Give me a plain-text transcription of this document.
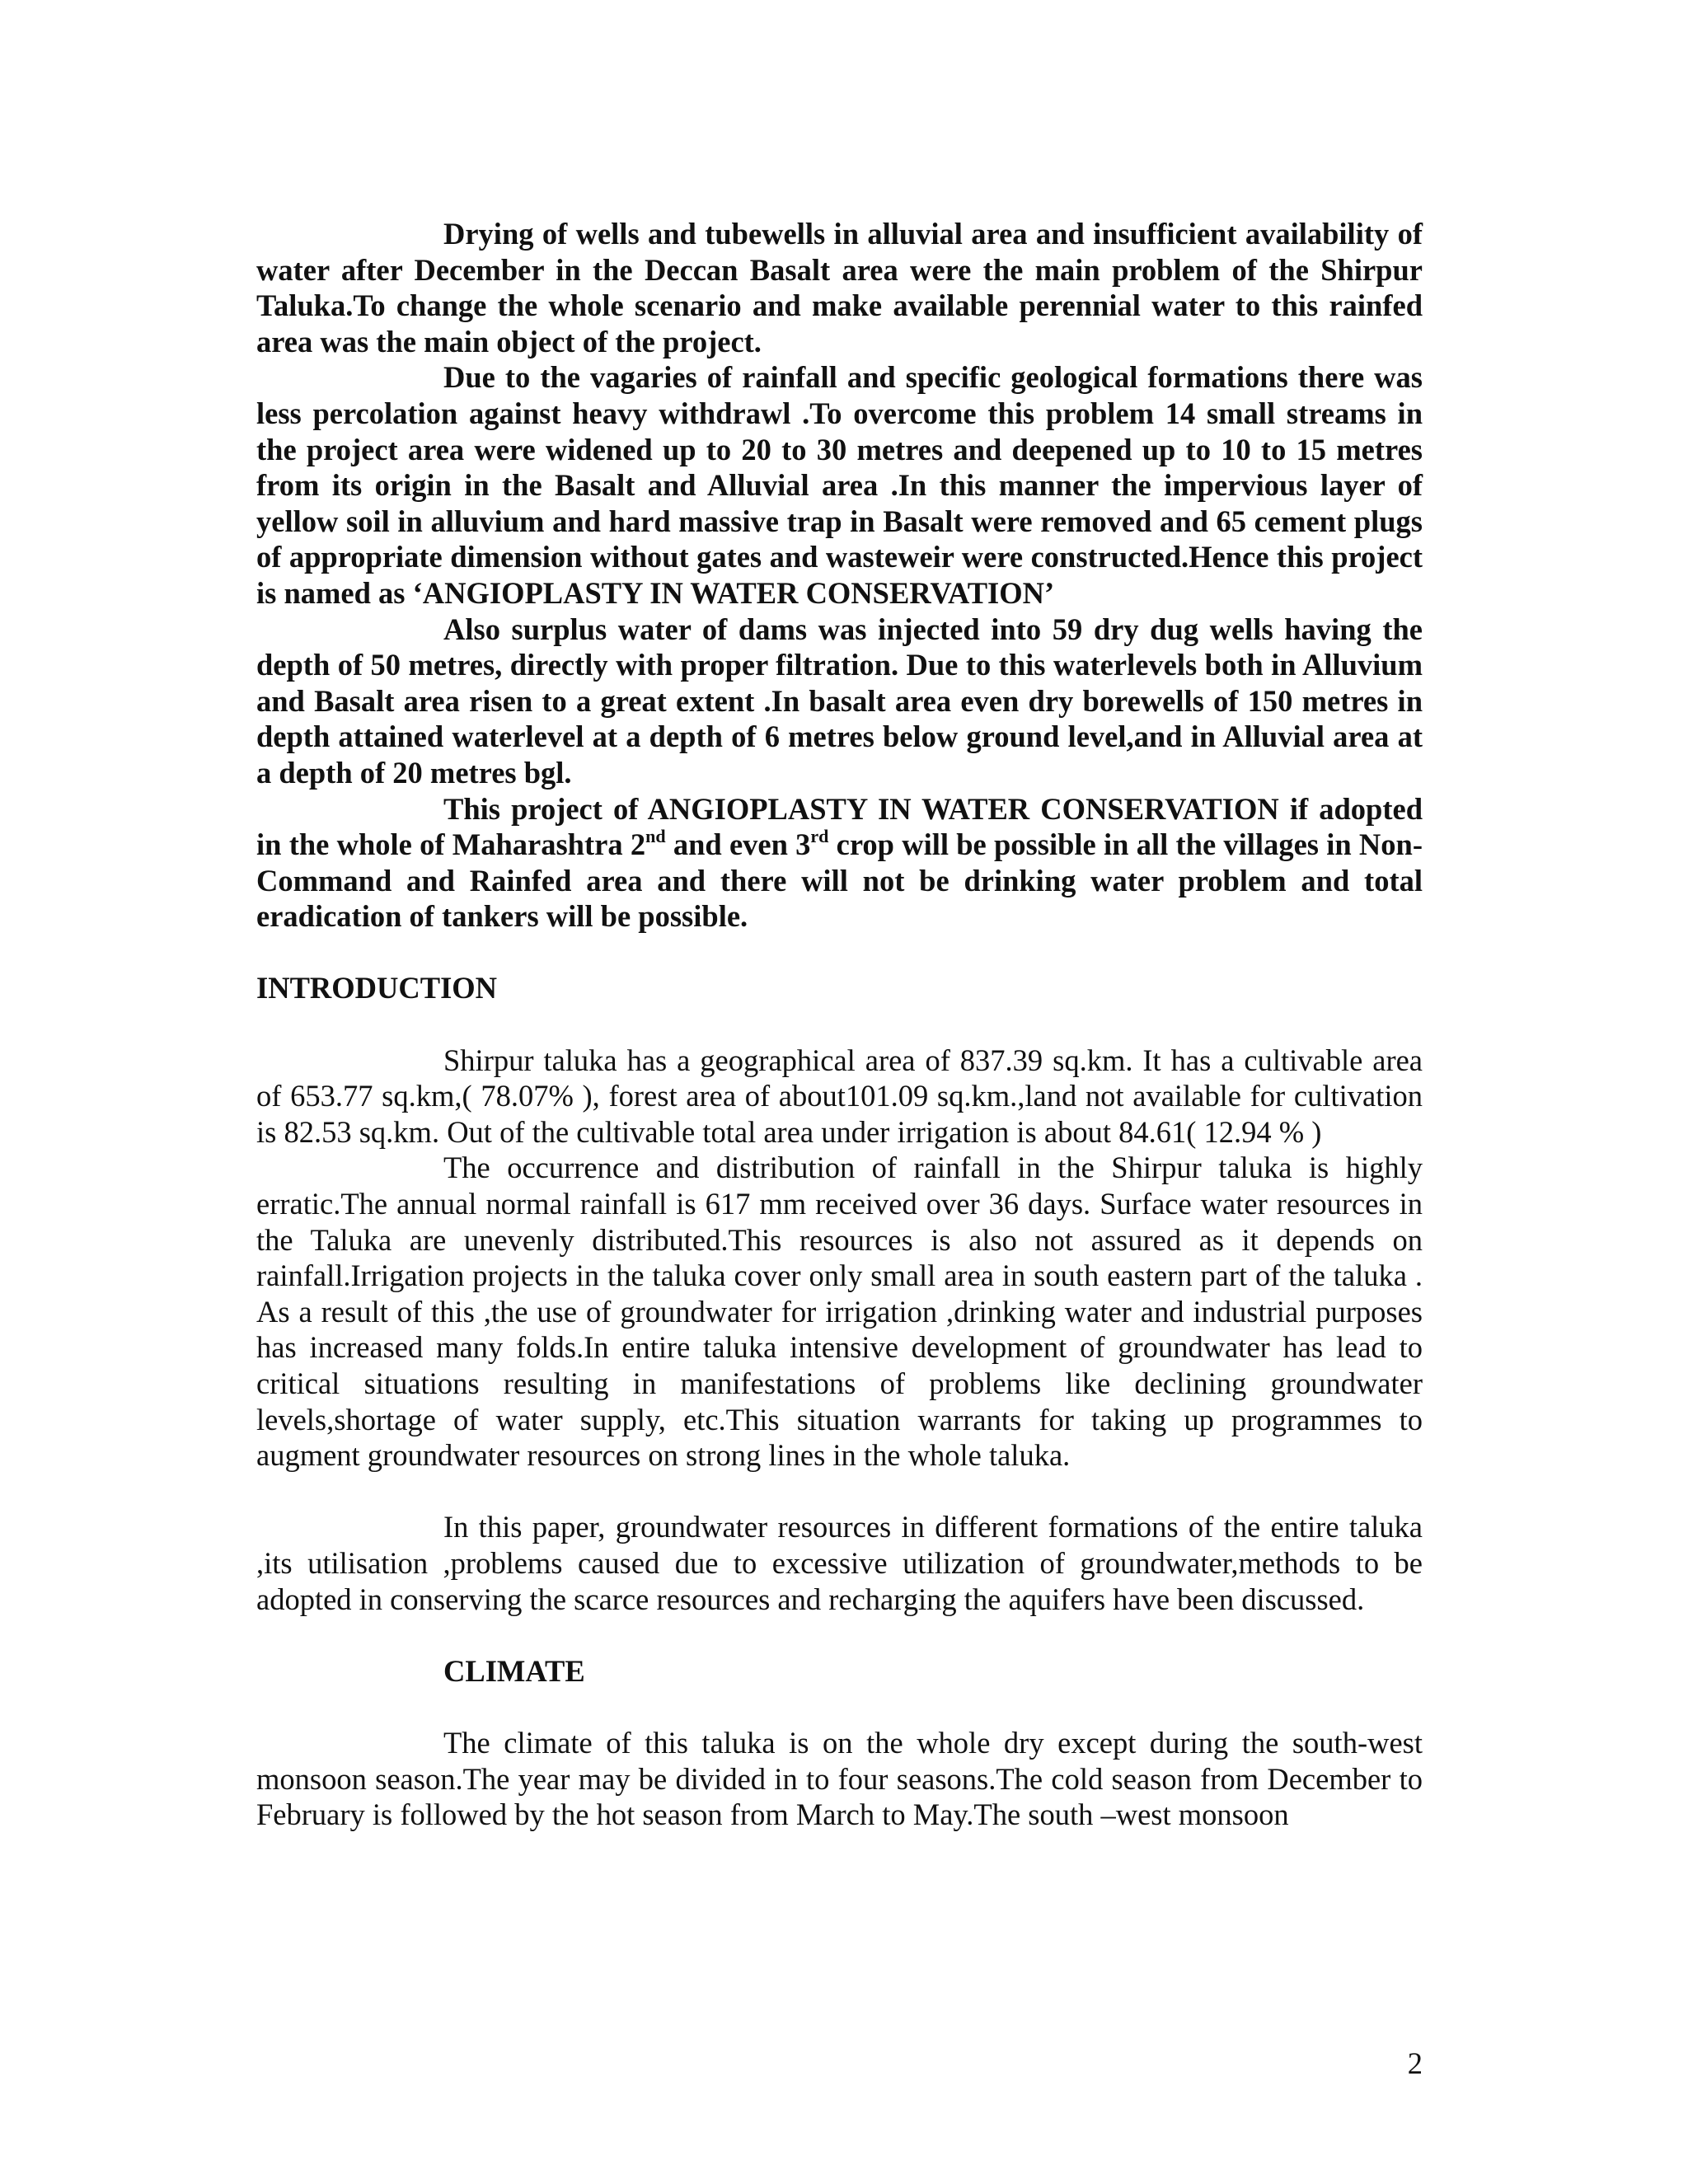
Drying of wells and tubewells in alluvial area and insufficient availability of water after December in the Deccan Basalt area were the main problem of the Shirpur Taluka.To change the whole scenario and make available perennial water to this rainfed area was the main object of the project.

Due to the vagaries of rainfall and specific geological formations there was less percolation against heavy withdrawl .To overcome this problem 14 small streams in the project area were widened up to 20 to 30 metres and deepened up to 10 to 15 metres from its origin in the Basalt and Alluvial area .In this manner the impervious layer of yellow soil in alluvium and hard massive trap in Basalt were removed and 65 cement plugs of appropriate dimension without gates and wasteweir were constructed.Hence this project is named as ‘ANGIOPLASTY IN WATER CONSERVATION’

Also surplus water of dams was injected into 59 dry dug wells having the depth of 50 metres, directly with proper filtration. Due to this waterlevels both in Alluvium and Basalt area risen to a great extent .In basalt area even dry borewells of 150 metres in depth attained waterlevel at a depth of 6 metres below ground level,and in Alluvial area at a depth of 20 metres bgl.

This project of ANGIOPLASTY IN WATER CONSERVATION if adopted in the whole of Maharashtra 2nd and even 3rd crop will be possible in all the villages in Non-Command and Rainfed area and there will not be drinking water problem and total eradication of tankers will be possible.

INTRODUCTION

Shirpur taluka has a geographical area of 837.39 sq.km. It has a cultivable area of 653.77 sq.km,( 78.07% ), forest area of about101.09 sq.km.,land not available for cultivation is 82.53 sq.km. Out of the cultivable total area under irrigation is about 84.61( 12.94 % )

The occurrence and distribution of rainfall in the Shirpur taluka is highly erratic.The annual normal rainfall is 617 mm received over 36 days. Surface water resources in the Taluka are unevenly distributed.This resources is also not assured as it depends on rainfall.Irrigation projects in the taluka cover only small area in south eastern part of the taluka . As a result of this ,the use of groundwater for irrigation ,drinking water and industrial purposes has increased many folds.In entire taluka intensive development of groundwater has lead to critical situations resulting in manifestations of problems like declining groundwater levels,shortage of water supply, etc.This situation warrants for taking up programmes to augment groundwater resources on strong lines in the whole taluka.

In this paper, groundwater resources in different formations of the entire taluka ,its utilisation ,problems caused due to excessive utilization of groundwater,methods to be adopted in conserving the scarce resources and recharging the aquifers have been discussed.

CLIMATE

The climate of this taluka is on the whole dry except during the south-west monsoon season.The year may be divided in to four seasons.The cold season from December to February is followed by the hot season from March to May.The south –west monsoon

2
